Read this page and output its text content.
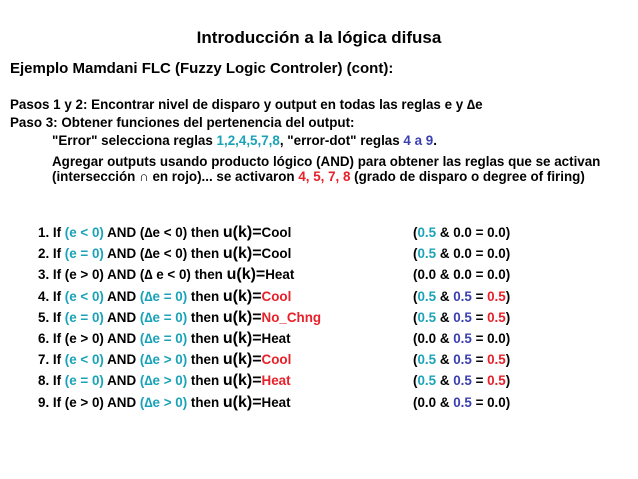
Introducción a la lógica difusa
Ejemplo Mamdani FLC (Fuzzy Logic Controler) (cont):
Pasos 1 y 2: Encontrar nivel de disparo y output en todas las reglas e y ∆e
Paso 3: Obtener funciones del pertenencia del output:
"Error" selecciona reglas 1,2,4,5,7,8, "error-dot" reglas 4 a 9.
Agregar outputs usando producto lógico (AND) para obtener las reglas que se activan (intersección ∩ en rojo)... se activaron 4, 5, 7, 8 (grado de disparo o degree of firing)
1. If (e < 0) AND (∆e < 0) then u(k)=Cool	(0.5 & 0.0 = 0.0)
2. If (e = 0) AND (∆e < 0) then u(k)=Cool	(0.5 & 0.0 = 0.0)
3. If (e > 0) AND (∆ e < 0) then u(k)=Heat	(0.0 & 0.0 = 0.0)
4. If (e < 0) AND (∆e = 0) then u(k)=Cool	(0.5 & 0.5 = 0.5)
5. If (e = 0) AND (∆e = 0) then u(k)=No_Chng	(0.5 & 0.5 = 0.5)
6. If (e > 0) AND (∆e = 0) then u(k)=Heat	(0.0 & 0.5 = 0.0)
7. If (e < 0) AND (∆e > 0) then u(k)=Cool	(0.5 & 0.5 = 0.5)
8. If (e = 0) AND (∆e > 0) then u(k)=Heat	(0.5 & 0.5 = 0.5)
9. If (e > 0) AND (∆e > 0) then u(k)=Heat	(0.0 & 0.5 = 0.0)
